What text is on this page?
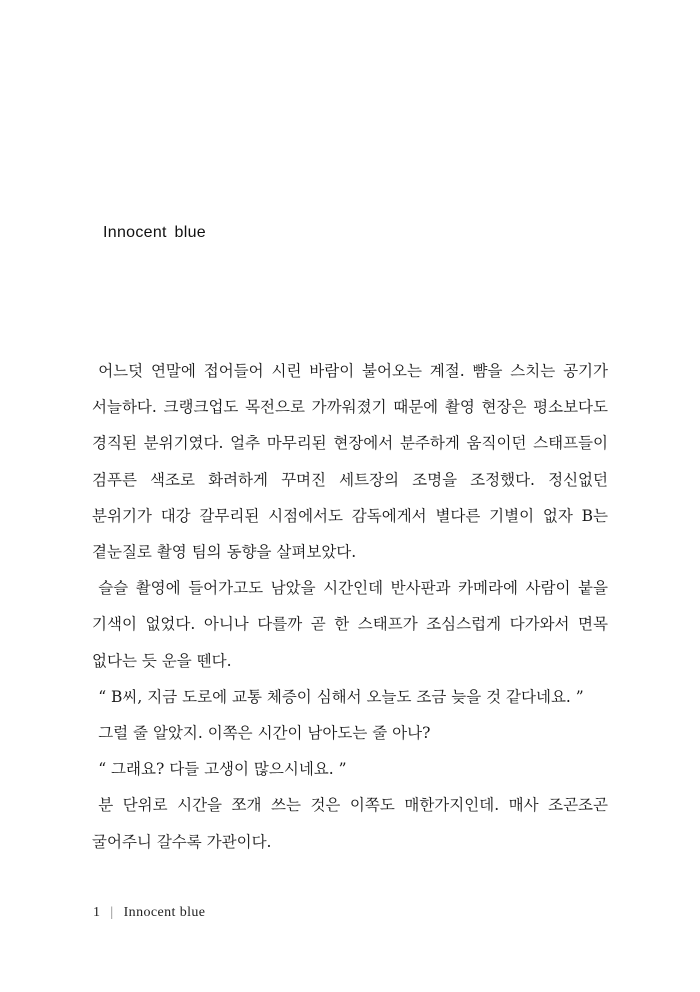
Innocent blue

어느덧 연말에 접어들어 시린 바람이 불어오는 계절. 뺨을 스치는 공기가 서늘하다. 크랭크업도 목전으로 가까워졌기 때문에 촬영 현장은 평소보다도 경직된 분위기였다. 얼추 마무리된 현장에서 분주하게 움직이던 스태프들이 검푸른 색조로 화려하게 꾸며진 세트장의 조명을 조정했다. 정신없던 분위기가 대강 갈무리된 시점에서도 감독에게서 별다른 기별이 없자 B는 곁눈질로 촬영 팀의 동향을 살펴보았다.

슬슬 촬영에 들어가고도 남았을 시간인데 반사판과 카메라에 사람이 붙을 기색이 없었다. 아니나 다를까 곧 한 스태프가 조심스럽게 다가와서 면목 없다는 듯 운을 뗀다.

“ B씨, 지금 도로에 교통 체증이 심해서 오늘도 조금 늦을 것 같다네요. ”

그럴 줄 알았지. 이쪽은 시간이 남아도는 줄 아나?

“ 그래요? 다들 고생이 많으시네요. ”

분 단위로 시간을 쪼개 쓰는 것은 이쪽도 매한가지인데. 매사 조곤조곤 굴어주니 갈수록 가관이다.

1 | Innocent blue
